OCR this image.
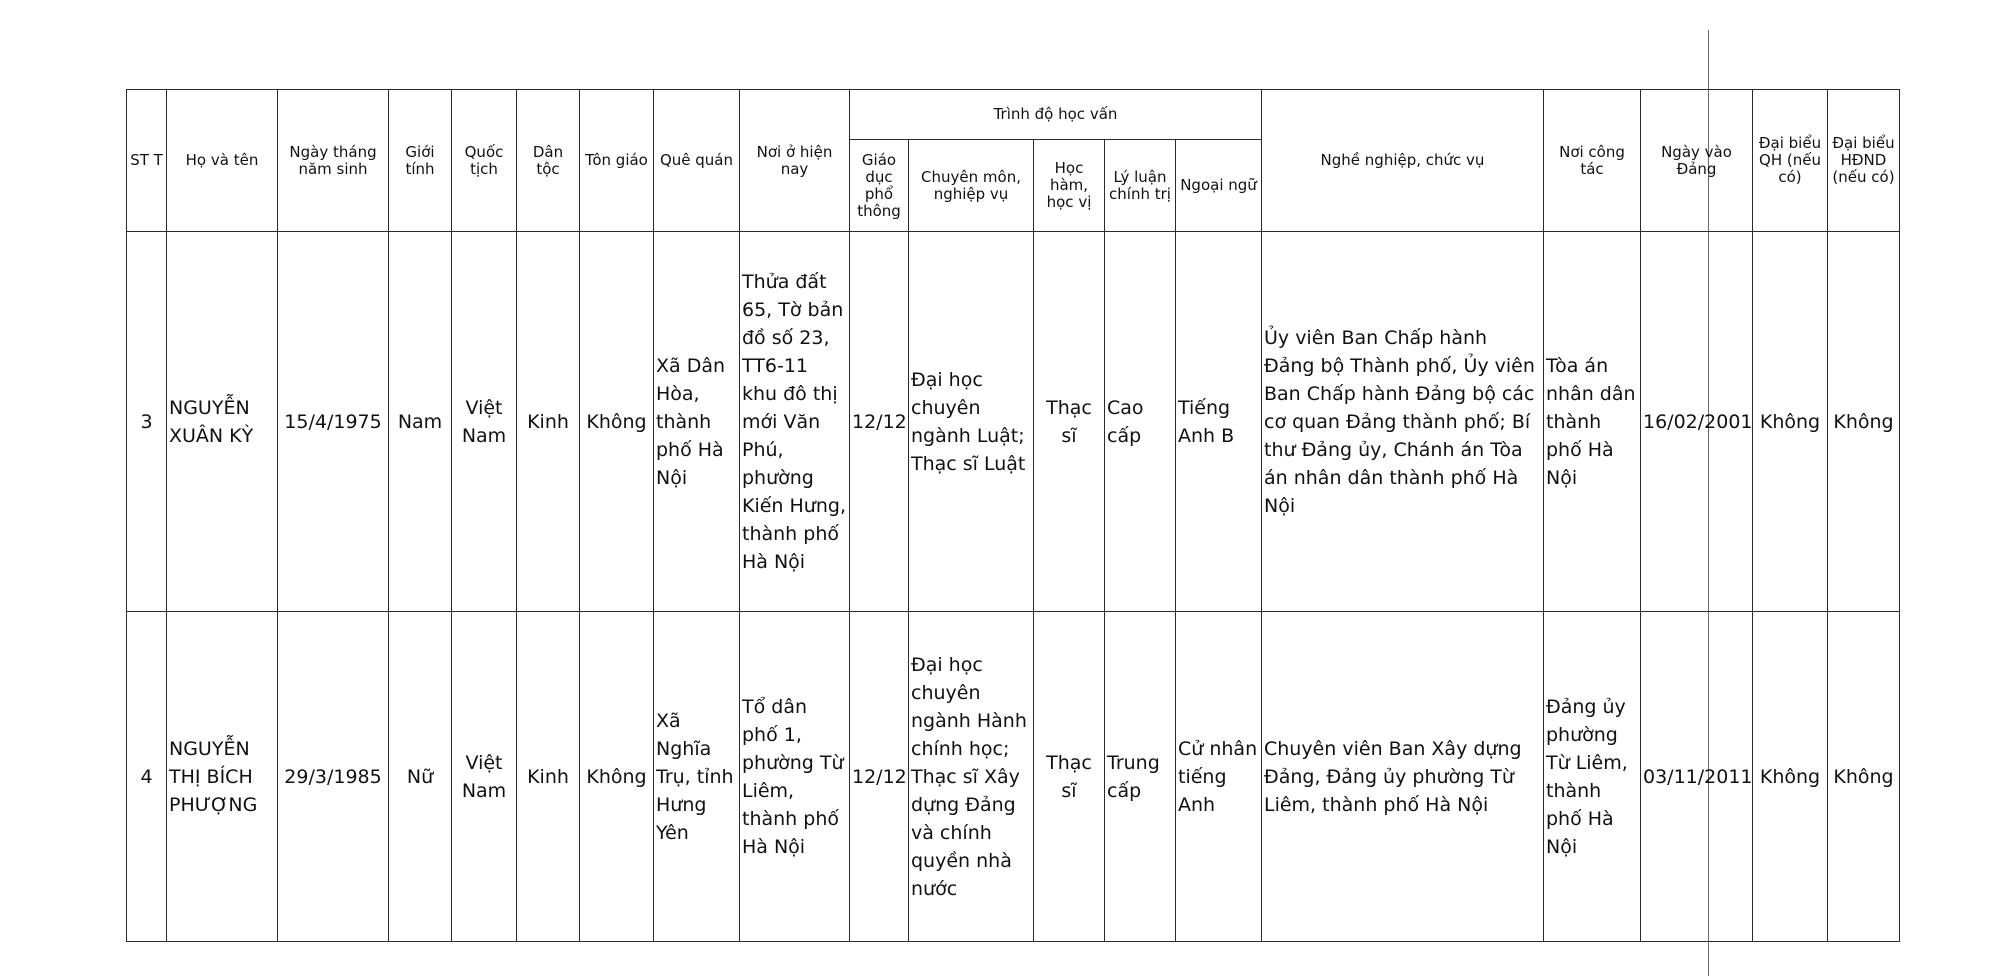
ST T	Họ và tên	Ngày tháng năm sinh	Giới tính	Quốc tịch	Dân tộc	Tôn giáo	Quê quán	Nơi ở hiện nay	Trình độ học vấn					Nghề nghiệp, chức vụ	Nơi công tác	Ngày vào Đảng	Đại biểu QH (nếu có)	Đại biểu HĐND (nếu có)
									Giáo dục phổ thông	Chuyên môn, nghiệp vụ	Học hàm, học vị	Lý luận chính trị	Ngoại ngữ					
3	NGUYỄN XUÂN KỲ	15/4/1975	Nam	Việt Nam	Kinh	Không	Xã Dân Hòa, thành phố Hà Nội	Thửa đất 65, Tờ bản đồ số 23, TT6-11 khu đô thị mới Văn Phú, phường Kiến Hưng, thành phố Hà Nội	12/12	Đại học chuyên ngành Luật; Thạc sĩ Luật	Thạc sĩ	Cao cấp	Tiếng Anh B	Ủy viên Ban Chấp hành Đảng bộ Thành phố, Ủy viên Ban Chấp hành Đảng bộ các cơ quan Đảng thành phố; Bí thư Đảng ủy, Chánh án Tòa án nhân dân thành phố Hà Nội	Tòa án nhân dân thành phố Hà Nội	16/02/2001	Không	Không
4	NGUYỄN THỊ BÍCH PHƯỢNG	29/3/1985	Nữ	Việt Nam	Kinh	Không	Xã Nghĩa Trụ, tỉnh Hưng Yên	Tổ dân phố 1, phường Từ Liêm, thành phố Hà Nội	12/12	Đại học chuyên ngành Hành chính học; Thạc sĩ Xây dựng Đảng và chính quyền nhà nước	Thạc sĩ	Trung cấp	Cử nhân tiếng Anh	Chuyên viên Ban Xây dựng Đảng, Đảng ủy phường Từ Liêm, thành phố Hà Nội	Đảng ủy phường Từ Liêm, thành phố Hà Nội	03/11/2011	Không	Không
